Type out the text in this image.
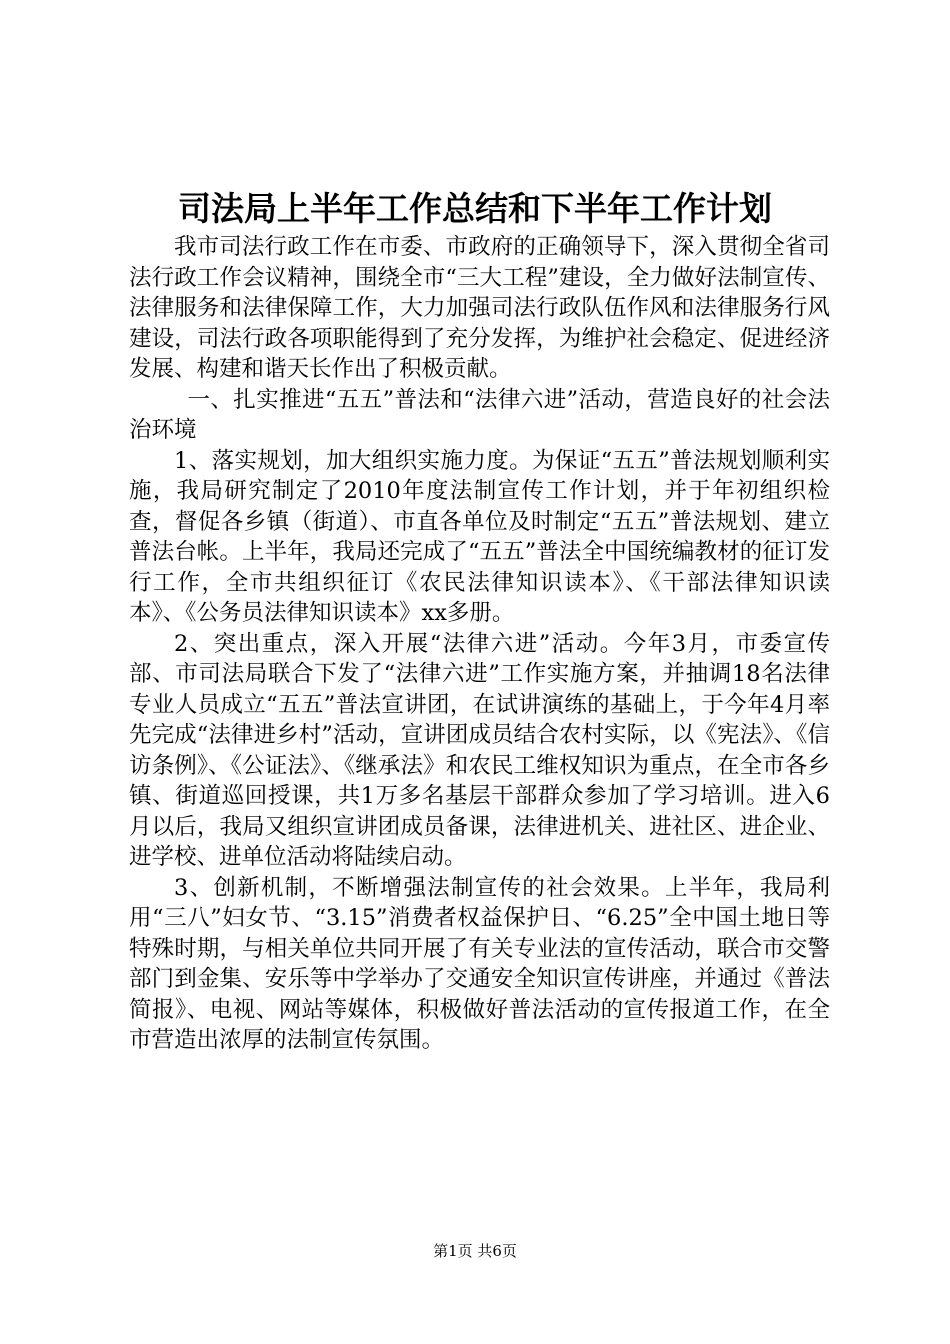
司法局上半年工作总结和下半年工作计划

我市司法行政工作在市委、市政府的正确领导下，深入贯彻全省司法行政工作会议精神，围绕全市“三大工程”建设，全力做好法制宣传、法律服务和法律保障工作，大力加强司法行政队伍作风和法律服务行风建设，司法行政各项职能得到了充分发挥，为维护社会稳定、促进经济发展、构建和谐天长作出了积极贡献。

一、扎实推进“五五”普法和“法律六进”活动，营造良好的社会法治环境

1、落实规划，加大组织实施力度。为保证“五五”普法规划顺利实施，我局研究制定了2010年度法制宣传工作计划，并于年初组织检查，督促各乡镇（街道）、市直各单位及时制定“五五”普法规划、建立普法台帐。上半年，我局还完成了“五五”普法全中国统编教材的征订发行工作，全市共组织征订《农民法律知识读本》、《干部法律知识读本》、《公务员法律知识读本》xx多册。

2、突出重点，深入开展“法律六进”活动。今年3月，市委宣传部、市司法局联合下发了“法律六进”工作实施方案，并抽调18名法律专业人员成立“五五”普法宣讲团，在试讲演练的基础上，于今年4月率先完成“法律进乡村”活动，宣讲团成员结合农村实际，以《宪法》、《信访条例》、《公证法》、《继承法》和农民工维权知识为重点，在全市各乡镇、街道巡回授课，共1万多名基层干部群众参加了学习培训。进入6月以后，我局又组织宣讲团成员备课，法律进机关、进社区、进企业、进学校、进单位活动将陆续启动。

3、创新机制，不断增强法制宣传的社会效果。上半年，我局利用“三八”妇女节、“3.15”消费者权益保护日、“6.25”全中国土地日等特殊时期，与相关单位共同开展了有关专业法的宣传活动，联合市交警部门到金集、安乐等中学举办了交通安全知识宣传讲座，并通过《普法简报》、电视、网站等媒体，积极做好普法活动的宣传报道工作，在全市营造出浓厚的法制宣传氛围。

第1页 共6页
